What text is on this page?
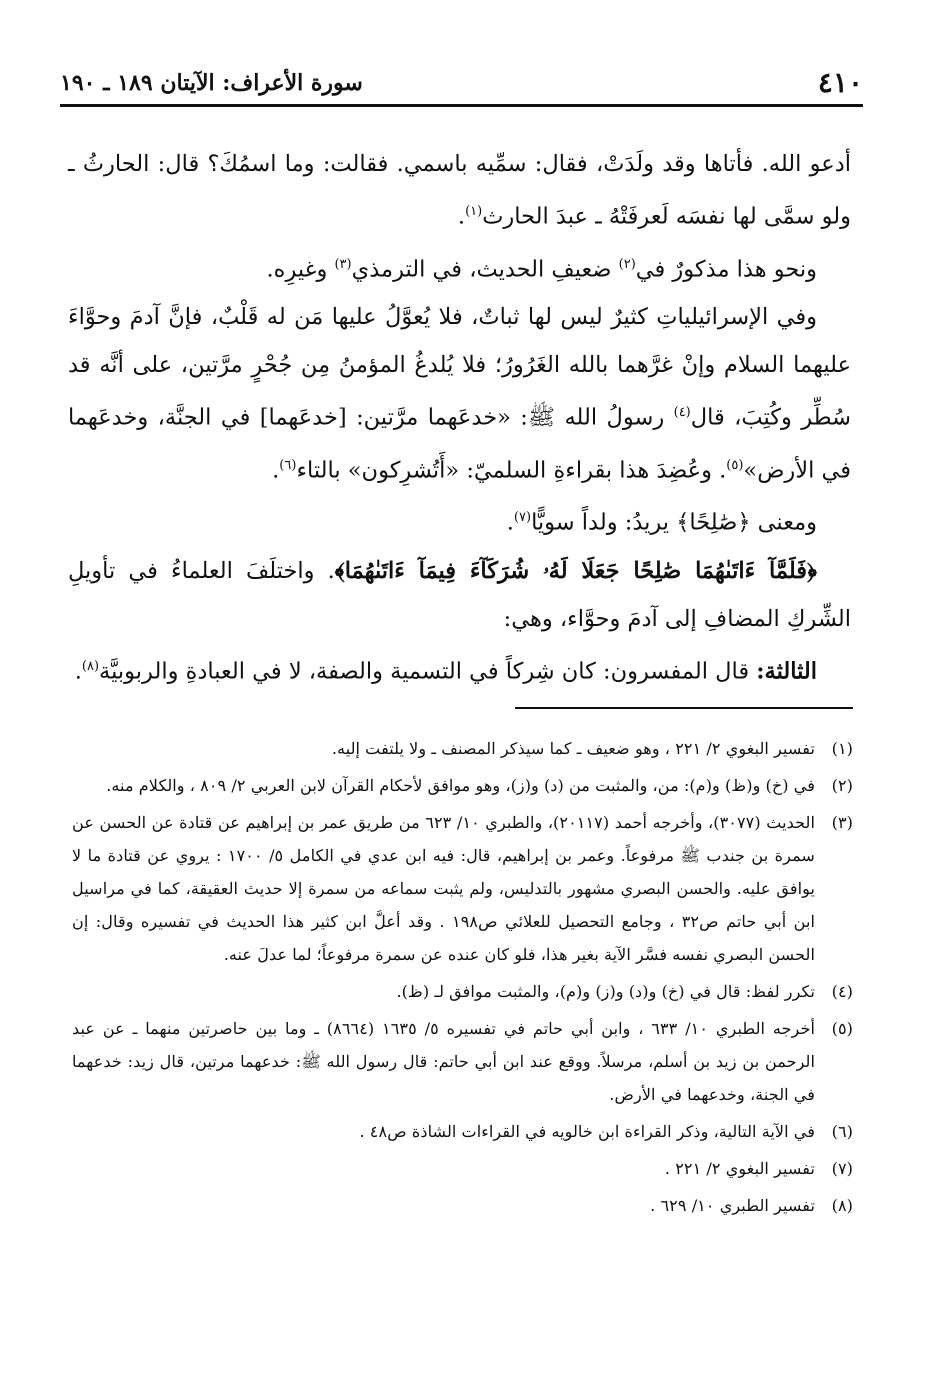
٤١٠
سورة الأعراف: الآيتان ١٨٩ ـ ١٩٠

أدعو الله. فأتاها وقد ولَدَتْ، فقال: سمِّيه باسمي. فقالت: وما اسمُكَ؟ قال: الحارثُ ـ ولو سمَّى لها نفسَه لَعرفَتْهُ ـ عبدَ الحارث$^{(١)}$.

ونحو هذا مذكورٌ في$^{(٢)}$ ضعيفِ الحديث، في الترمذي$^{(٣)}$ وغيرِه.

وفي الإسرائيلياتِ كثيرٌ ليس لها ثباتٌ، فلا يُعوَّلُ عليها مَن له قَلْبٌ، فإنَّ آدمَ وحوَّاءَ عليهما السلام وإنْ غرَّهما بالله الغَرُورُ؛ فلا يُلدغُ المؤمنُ مِن جُحْرٍ مرَّتين، على أنَّه قد سُطِّر وكُتِبَ، قال$^{(٤)}$ رسولُ الله ﷺ: «خدعَهما مرَّتين: [خدعَهما] في الجنَّة، وخدعَهما في الأرض»$^{(٥)}$. وعُضِدَ هذا بقراءةِ السلميّ: «أَتُشرِكون» بالتاء$^{(٦)}$.

ومعنى ﴿صَٰلِحًا﴾ يريدُ: ولداً سويًّا$^{(٧)}$.

﴿فَلَمَّآ ءَاتَىٰهُمَا صَٰلِحًا جَعَلَا لَهُۥ شُرَكَآءَ فِيمَآ ءَاتَىٰهُمَا﴾. واختلَفَ العلماءُ في تأويلِ الشِّركِ المضافِ إلى آدمَ وحوَّاء، وهي:

الثالثة: قال المفسرون: كان شِركاً في التسمية والصفة، لا في العبادةِ والربوبيَّة$^{(٨)}$.

(١)
تفسير البغوي ٢/ ٢٢١ ، وهو ضعيف ـ كما سيذكر المصنف ـ ولا يلتفت إليه.
(٢)
في (خ) و(ظ) و(م): من، والمثبت من (د) و(ز)، وهو موافق لأحكام القرآن لابن العربي ٢/ ٨٠٩ ، والكلام منه.
(٣)
الحديث (٣٠٧٧)، وأخرجه أحمد (٢٠١١٧)، والطبري ١٠/ ٦٢٣ من طريق عمر بن إبراهيم عن قتادة عن الحسن عن سمرة بن جندب ﷺ مرفوعاً. وعمر بن إبراهيم، قال: فيه ابن عدي في الكامل ٥/ ١٧٠٠ : يروي عن قتادة ما لا يوافق عليه. والحسن البصري مشهور بالتدليس، ولم يثبت سماعه من سمرة إلا حديث العقيقة، كما في مراسيل ابن أبي حاتم ص٣٢ ، وجامع التحصيل للعلائي ص١٩٨ . وقد أعلَّ ابن كثير هذا الحديث في تفسيره وقال: إن الحسن البصري نفسه فسَّر الآية بغير هذا، فلو كان عنده عن سمرة مرفوعاً؛ لما عدلَ عنه.
(٤)
تكرر لفظ: قال في (خ) و(د) و(ز) و(م)، والمثبت موافق لـ (ظ).
(٥)
أخرجه الطبري ١٠/ ٦٣٣ ، وابن أبي حاتم في تفسيره ٥/ ١٦٣٥ (٨٦٦٤) ـ وما بين حاصرتين منهما ـ عن عبد الرحمن بن زيد بن أسلم، مرسلاً. ووقع عند ابن أبي حاتم: قال رسول الله ﷺ: خدعهما مرتين، قال زيد: خدعهما في الجنة، وخدعهما في الأرض.
(٦)
في الآية التالية، وذكر القراءة ابن خالويه في القراءات الشاذة ص٤٨ .
(٧)
تفسير البغوي ٢/ ٢٢١ .
(٨)
تفسير الطبري ١٠/ ٦٢٩ .
